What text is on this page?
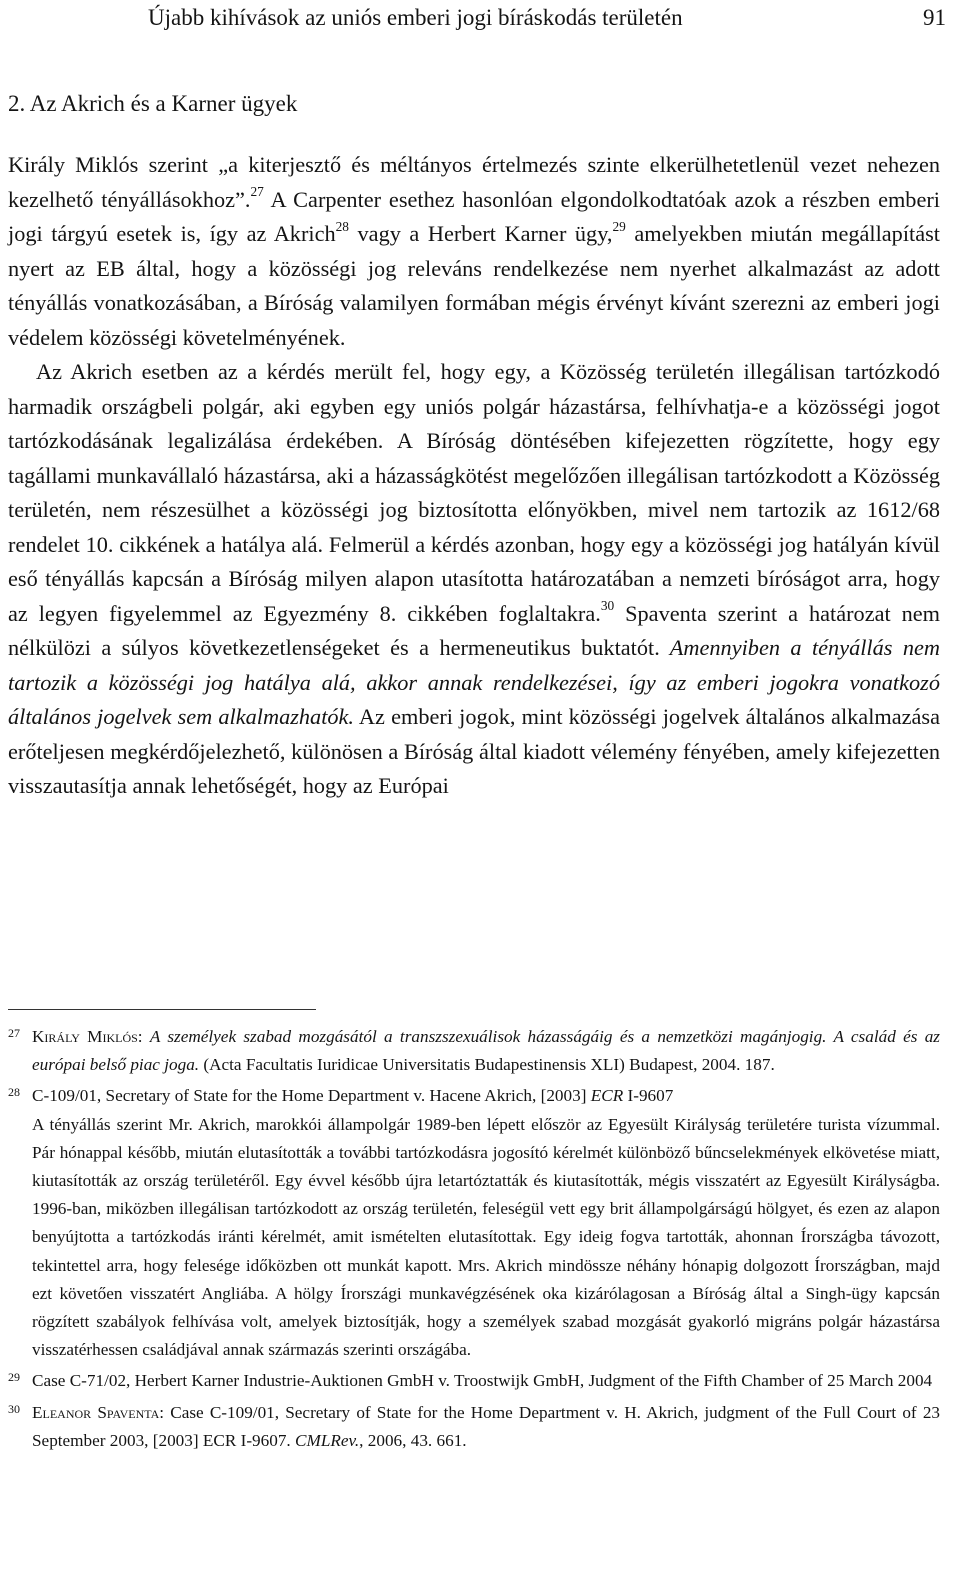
Újabb kihívások az uniós emberi jogi bíráskodás területén	91
2. Az Akrich és a Karner ügyek

Király Miklós szerint „a kiterjesztő és méltányos értelmezés szinte elkerülhetetlenül vezet nehezen kezelhető tényállásokhoz”.$^{27}$ A Carpenter esethez hasonlóan elgondolkodtatóak azok a részben emberi jogi tárgyú esetek is, így az Akrich$^{28}$ vagy a Herbert Karner ügy,$^{29}$ amelyekben miután megállapítást nyert az EB által, hogy a közösségi jog releváns rendelkezése nem nyerhet alkalmazást az adott tényállás vonatkozásában, a Bíróság valamilyen formában mégis érvényt kívánt szerezni az emberi jogi védelem közösségi követelményének.

Az Akrich esetben az a kérdés merült fel, hogy egy, a Közösség területén illegálisan tartózkodó harmadik országbeli polgár, aki egyben egy uniós polgár házastársa, felhívhatja-e a közösségi jogot tartózkodásának legalizálása érdekében. A Bíróság döntésében kifejezetten rögzítette, hogy egy tagállami munkavállaló házastársa, aki a házasságkötést megelőzően illegálisan tartózkodott a Közösség területén, nem részesülhet a közösségi jog biztosította előnyökben, mivel nem tartozik az 1612/68 rendelet 10. cikkének a hatálya alá. Felmerül a kérdés azonban, hogy egy a közösségi jog hatályán kívül eső tényállás kapcsán a Bíróság milyen alapon utasította határozatában a nemzeti bíróságot arra, hogy az legyen figyelemmel az Egyezmény 8. cikkében foglaltakra.$^{30}$ Spaventa szerint a határozat nem nélkülözi a súlyos következetlenségeket és a hermeneutikus buktatót. Amennyiben a tényállás nem tartozik a közösségi jog hatálya alá, akkor annak rendelkezései, így az emberi jogokra vonatkozó általános jogelvek sem alkalmazhatók. Az emberi jogok, mint közösségi jogelvek általános alkalmazása erőteljesen megkérdőjelezhető, különösen a Bíróság által kiadott vélemény fényében, amely kifejezetten visszautasítja annak lehetőségét, hogy az Európai

27 Király Miklós: A személyek szabad mozgásától a transzszexuálisok házasságáig és a nemzetközi magánjogig. A család és az európai belső piac joga. (Acta Facultatis Iuridicae Universitatis Budapestinensis XLI) Budapest, 2004. 187.
28 C-109/01, Secretary of State for the Home Department v. Hacene Akrich, [2003] ECR I-9607
A tényállás szerint Mr. Akrich, marokkói állampolgár 1989-ben lépett először az Egyesült Királyság területére turista vízummal. Pár hónappal később, miután elutasították a további tartózkodásra jogosító kérelmét különböző bűncselekmények elkövetése miatt, kiutasították az ország területéről. Egy évvel később újra letartóztatták és kiutasították, mégis visszatért az Egyesült Királyságba. 1996-ban, miközben illegálisan tartózkodott az ország területén, feleségül vett egy brit állampolgárságú hölgyet, és ezen az alapon benyújtotta a tartózkodás iránti kérelmét, amit ismételten elutasítottak. Egy ideig fogva tartották, ahonnan Írországba távozott, tekintettel arra, hogy felesége időközben ott munkát kapott. Mrs. Akrich mindössze néhány hónapig dolgozott Írországban, majd ezt követően visszatért Angliába. A hölgy Írországi munkavégzésének oka kizárólagosan a Bíróság által a Singh-ügy kapcsán rögzített szabályok felhívása volt, amelyek biztosítják, hogy a személyek szabad mozgását gyakorló migráns polgár házastársa visszatérhessen családjával annak származás szerinti országába.
29 Case C-71/02, Herbert Karner Industrie-Auktionen GmbH v. Troostwijk GmbH, Judgment of the Fifth Chamber of 25 March 2004
30 Eleanor Spaventa: Case C-109/01, Secretary of State for the Home Department v. H. Akrich, judgment of the Full Court of 23 September 2003, [2003] ECR I-9607. CMLRev., 2006, 43. 661.
